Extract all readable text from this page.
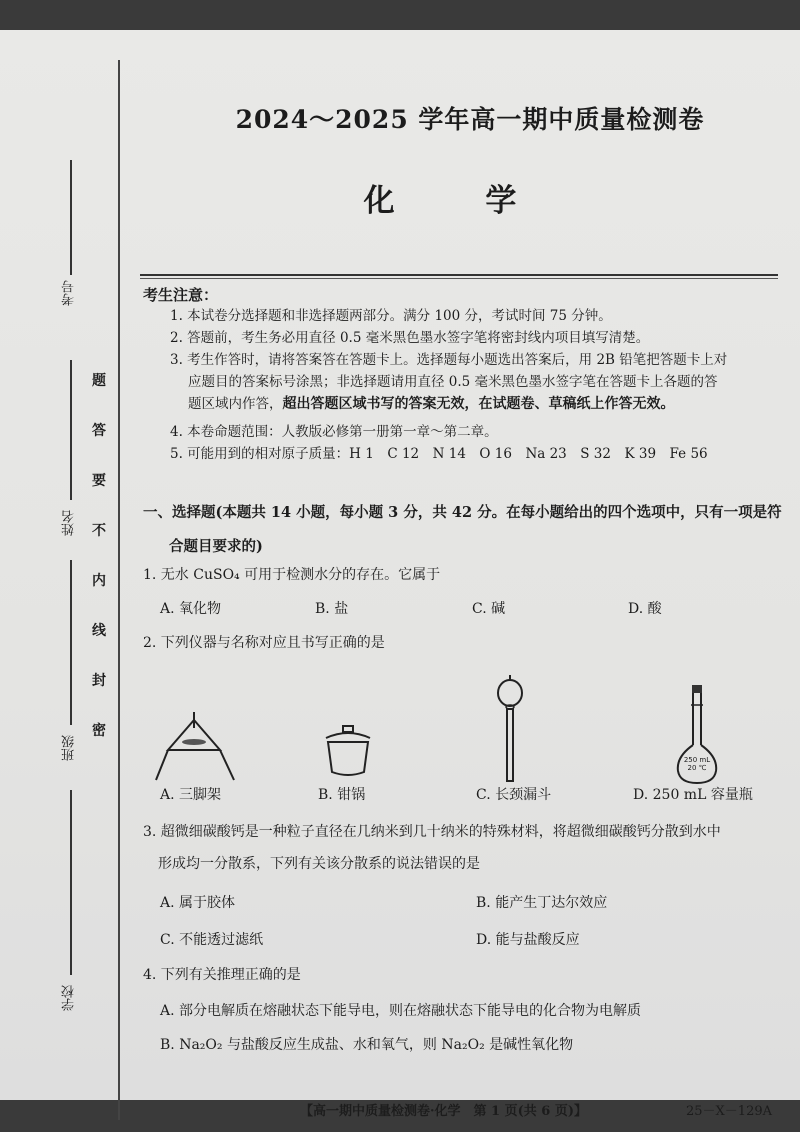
考号
姓名
班级
学校
密
封
线
内
不
要
答
题
2024～2025 学年高一期中质量检测卷
化 学
考生注意：
1. 本试卷分选择题和非选择题两部分。满分 100 分，考试时间 75 分钟。
2. 答题前，考生务必用直径 0.5 毫米黑色墨水签字笔将密封线内项目填写清楚。
3. 考生作答时，请将答案答在答题卡上。选择题每小题选出答案后，用 2B 铅笔把答题卡上对
应题目的答案标号涂黑；非选择题请用直径 0.5 毫米黑色墨水签字笔在答题卡上各题的答
题区域内作答，超出答题区域书写的答案无效，在试题卷、草稿纸上作答无效。
4. 本卷命题范围：人教版必修第一册第一章～第二章。
5. 可能用到的相对原子质量：H 1　C 12　N 14　O 16　Na 23　S 32　K 39　Fe 56
一、选择题(本题共 14 小题，每小题 3 分，共 42 分。在每小题给出的四个选项中，只有一项是符
合题目要求的)
1. 无水 CuSO₄ 可用于检测水分的存在。它属于
A. 氧化物	B. 盐	C. 碱	D. 酸
2. 下列仪器与名称对应且书写正确的是
250 mL
20 ℃
A. 三脚架	B. 钳锅	C. 长颈漏斗	D. 250 mL 容量瓶
3. 超微细碳酸钙是一种粒子直径在几纳米到几十纳米的特殊材料，将超微细碳酸钙分散到水中
形成均一分散系，下列有关该分散系的说法错误的是
A. 属于胶体	B. 能产生丁达尔效应
C. 不能透过滤纸	D. 能与盐酸反应
4. 下列有关推理正确的是
A. 部分电解质在熔融状态下能导电，则在熔融状态下能导电的化合物为电解质
B. Na₂O₂ 与盐酸反应生成盐、水和氧气，则 Na₂O₂ 是碱性氧化物
【高一期中质量检测卷·化学　第 1 页(共 6 页)】	25－X－129A
